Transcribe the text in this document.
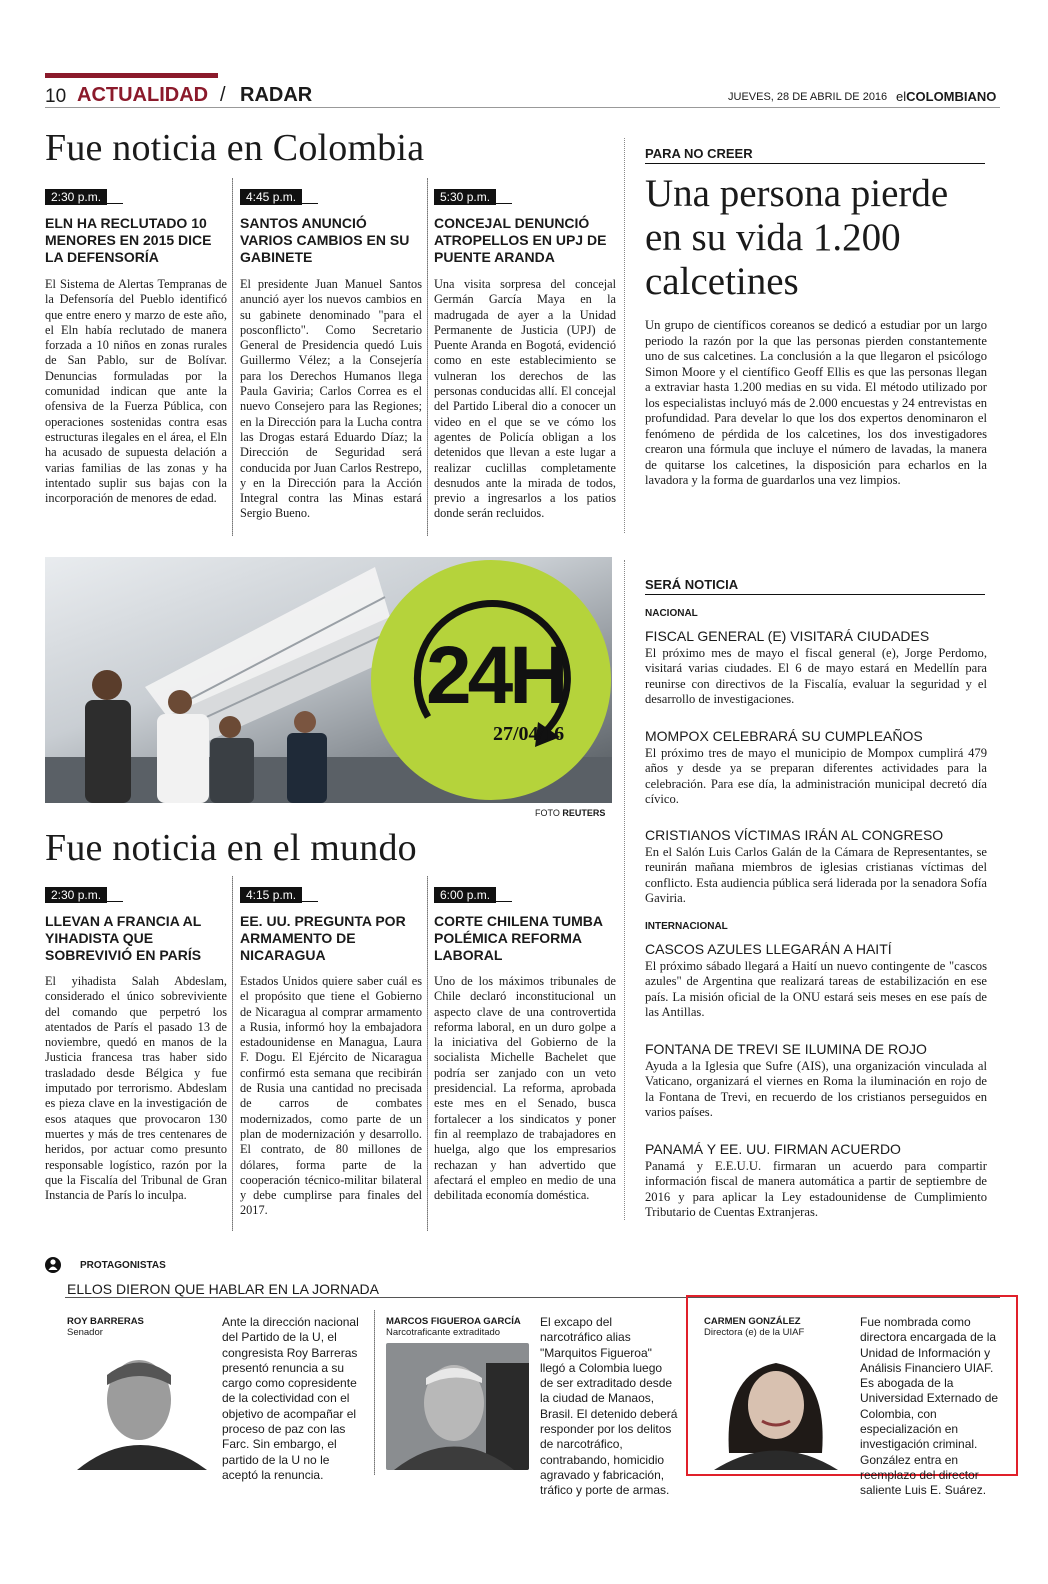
10 ACTUALIDAD / RADAR	JUEVES, 28 DE ABRIL DE 2016 elCOLOMBIANO
Fue noticia en Colombia
2:30 p.m.
ELN HA RECLUTADO 10 MENORES EN 2015 DICE LA DEFENSORÍA
El Sistema de Alertas Tempranas de la Defensoría del Pueblo identificó que entre enero y marzo de este año, el Eln había reclutado de manera forzada a 10 niños en zonas rurales de San Pablo, sur de Bolívar. Denuncias formuladas por la comunidad indican que ante la ofensiva de la Fuerza Pública, con operaciones sostenidas contra esas estructuras ilegales en el área, el Eln ha acusado de supuesta delación a varias familias de las zonas y ha intentado suplir sus bajas con la incorporación de menores de edad.
4:45 p.m.
SANTOS ANUNCIÓ VARIOS CAMBIOS EN SU GABINETE
El presidente Juan Manuel Santos anunció ayer los nuevos cambios en su gabinete denominado "para el posconflicto". Como Secretario General de Presidencia quedó Luis Guillermo Vélez; a la Consejería para los Derechos Humanos llega Paula Gaviria; Carlos Correa es el nuevo Consejero para las Regiones; en la Dirección para la Lucha contra las Drogas estará Eduardo Díaz; la Dirección de Seguridad será conducida por Juan Carlos Restrepo, y en la Dirección para la Acción Integral contra las Minas estará Sergio Bueno.
5:30 p.m.
CONCEJAL DENUNCIÓ ATROPELLOS EN UPJ DE PUENTE ARANDA
Una visita sorpresa del concejal Germán García Maya en la madrugada de ayer a la Unidad Permanente de Justicia (UPJ) de Puente Aranda en Bogotá, evidenció como en este establecimiento se vulneran los derechos de las personas conducidas allí. El concejal del Partido Liberal dio a conocer un video en el que se ve cómo los agentes de Policía obligan a los detenidos que llevan a este lugar a realizar cuclillas completamente desnudos ante la mirada de todos, previo a ingresarlos a los patios donde serán recluidos.
PARA NO CREER
Una persona pierde en su vida 1.200 calcetines
Un grupo de científicos coreanos se dedicó a estudiar por un largo periodo la razón por la que las personas pierden constantemente uno de sus calcetines. La conclusión a la que llegaron el psicólogo Simon Moore y el científico Geoff Ellis es que las personas llegan a extraviar hasta 1.200 medias en su vida. El método utilizado por los especialistas incluyó más de 2.000 encuestas y 24 entrevistas en profundidad. Para develar lo que los dos expertos denominaron el fenómeno de pérdida de los calcetines, los dos investigadores crearon una fórmula que incluye el número de lavadas, la manera de quitarse los calcetines, la disposición para echarlos en la lavadora y la forma de guardarlos una vez limpios.
24H
27/04/16
FOTO REUTERS
Fue noticia en el mundo
2:30 p.m.
LLEVAN A FRANCIA AL YIHADISTA QUE SOBREVIVIÓ EN PARÍS
El yihadista Salah Abdeslam, considerado el único sobreviviente del comando que perpetró los atentados de París el pasado 13 de noviembre, quedó en manos de la Justicia francesa tras haber sido trasladado desde Bélgica y fue imputado por terrorismo. Abdeslam es pieza clave en la investigación de esos ataques que provocaron 130 muertes y más de tres centenares de heridos, por actuar como presunto responsable logístico, razón por la que la Fiscalía del Tribunal de Gran Instancia de París lo inculpa.
4:15 p.m.
EE. UU. PREGUNTA POR ARMAMENTO DE NICARAGUA
Estados Unidos quiere saber cuál es el propósito que tiene el Gobierno de Nicaragua al comprar armamento a Rusia, informó hoy la embajadora estadounidense en Managua, Laura F. Dogu. El Ejército de Nicaragua confirmó esta semana que recibirán de Rusia una cantidad no precisada de carros de combates modernizados, como parte de un plan de modernización y desarrollo. El contrato, de 80 millones de dólares, forma parte de la cooperación técnico-militar bilateral y debe cumplirse para finales del 2017.
6:00 p.m.
CORTE CHILENA TUMBA POLÉMICA REFORMA LABORAL
Uno de los máximos tribunales de Chile declaró inconstitucional un aspecto clave de una controvertida reforma laboral, en un duro golpe a la iniciativa del Gobierno de la socialista Michelle Bachelet que podría ser zanjado con un veto presidencial. La reforma, aprobada este mes en el Senado, busca fortalecer a los sindicatos y poner fin al reemplazo de trabajadores en huelga, algo que los empresarios rechazan y han advertido que afectará el empleo en medio de una debilitada economía doméstica.
SERÁ NOTICIA
NACIONAL
FISCAL GENERAL (E) VISITARÁ CIUDADES
El próximo mes de mayo el fiscal general (e), Jorge Perdomo, visitará varias ciudades. El 6 de mayo estará en Medellín para reunirse con directivos de la Fiscalía, evaluar la seguridad y el desarrollo de investigaciones.
MOMPOX CELEBRARÁ SU CUMPLEAÑOS
El próximo tres de mayo el municipio de Mompox cumplirá 479 años y desde ya se preparan diferentes actividades para la celebración. Para ese día, la administración municipal decretó día cívico.
CRISTIANOS VÍCTIMAS IRÁN AL CONGRESO
En el Salón Luis Carlos Galán de la Cámara de Representantes, se reunirán mañana miembros de iglesias cristianas víctimas del conflicto. Esta audiencia pública será liderada por la senadora Sofía Gaviria.
INTERNACIONAL
CASCOS AZULES LLEGARÁN A HAITÍ
El próximo sábado llegará a Haití un nuevo contingente de "cascos azules" de Argentina que realizará tareas de estabilización en ese país. La misión oficial de la ONU estará seis meses en ese país de las Antillas.
FONTANA DE TREVI SE ILUMINA DE ROJO
Ayuda a la Iglesia que Sufre (AIS), una organización vinculada al Vaticano, organizará el viernes en Roma la iluminación en rojo de la Fontana de Trevi, en recuerdo de los cristianos perseguidos en varios países.
PANAMÁ Y EE. UU. FIRMAN ACUERDO
Panamá y E.E.U.U. firmaran un acuerdo para compartir información fiscal de manera automática a partir de septiembre de 2016 y para aplicar la Ley estadounidense de Cumplimiento Tributario de Cuentas Extranjeras.
PROTAGONISTAS
ELLOS DIERON QUE HABLAR EN LA JORNADA
ROY BARRERAS
Senador
Ante la dirección nacional del Partido de la U, el congresista Roy Barreras presentó renuncia a su cargo como copresidente de la colectividad con el objetivo de acompañar el proceso de paz con las Farc. Sin embargo, el partido de la U no le aceptó la renuncia.
MARCOS FIGUEROA GARCÍA
Narcotraficante extraditado
El excapo del narcotráfico alias "Marquitos Figueroa" llegó a Colombia luego de ser extraditado desde la ciudad de Manaos, Brasil. El detenido deberá responder por los delitos de narcotráfico, contrabando, homicidio agravado y fabricación, tráfico y porte de armas.
CARMEN GONZÁLEZ
Directora (e) de la UIAF
Fue nombrada como directora encargada de la Unidad de Información y Análisis Financiero UIAF. Es abogada de la Universidad Externado de Colombia, con especialización en investigación criminal. González entra en reemplazo del director saliente Luis E. Suárez.
